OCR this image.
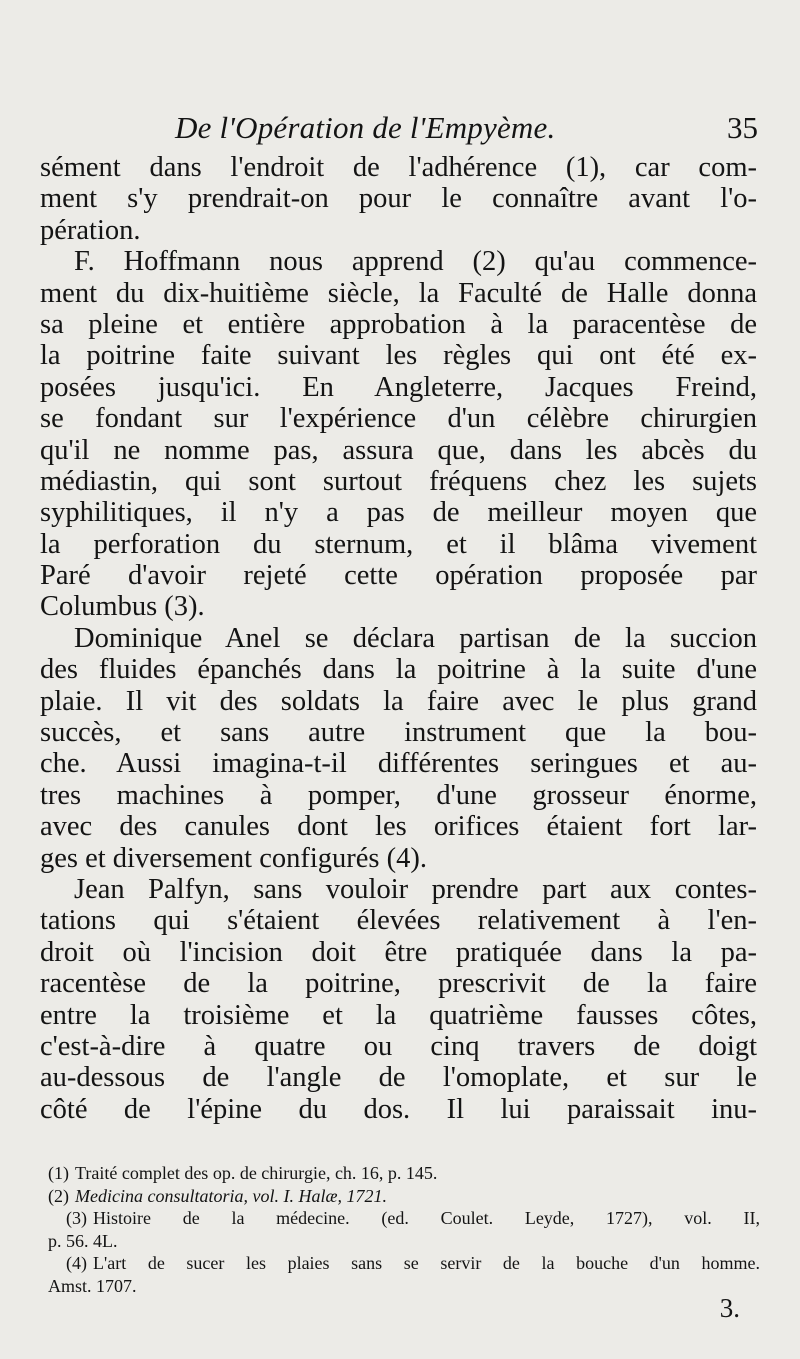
De l'Opération de l'Empyème.	35
sément dans l'endroit de l'adhérence (1), car com-
ment s'y prendrait-on pour le connaître avant l'o-
pération.
F. Hoffmann nous apprend (2) qu'au commence-
ment du dix-huitième siècle, la Faculté de Halle donna
sa pleine et entière approbation à la paracentèse de
la poitrine faite suivant les règles qui ont été ex-
posées jusqu'ici. En Angleterre, Jacques Freind,
se fondant sur l'expérience d'un célèbre chirurgien
qu'il ne nomme pas, assura que, dans les abcès du
médiastin, qui sont surtout fréquens chez les sujets
syphilitiques, il n'y a pas de meilleur moyen que
la perforation du sternum, et il blâma vivement
Paré d'avoir rejeté cette opération proposée par
Columbus (3).
Dominique Anel se déclara partisan de la succion
des fluides épanchés dans la poitrine à la suite d'une
plaie. Il vit des soldats la faire avec le plus grand
succès, et sans autre instrument que la bou-
che. Aussi imagina-t-il différentes seringues et au-
tres machines à pomper, d'une grosseur énorme,
avec des canules dont les orifices étaient fort lar-
ges et diversement configurés (4).
Jean Palfyn, sans vouloir prendre part aux contes-
tations qui s'étaient élevées relativement à l'en-
droit où l'incision doit être pratiquée dans la pa-
racentèse de la poitrine, prescrivit de la faire
entre la troisième et la quatrième fausses côtes,
c'est-à-dire à quatre ou cinq travers de doigt
au-dessous de l'angle de l'omoplate, et sur le
côté de l'épine du dos. Il lui paraissait inu-
(1) Traité complet des op. de chirurgie, ch. 16, p. 145.
(2) Medicina consultatoria, vol. I. Halæ, 1721.
(3) Histoire de la médecine. (ed. Coulet. Leyde, 1727), vol. II,
p. 56. 4L.
(4) L'art de sucer les plaies sans se servir de la bouche d'un homme.
Amst. 1707.
3.
